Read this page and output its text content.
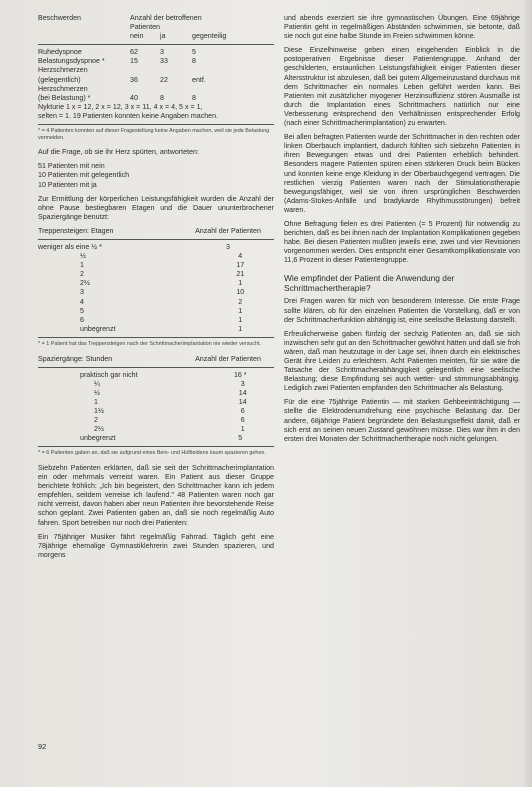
Beschwerden	Anzahl der betroffenen
Patienten
nein	ja	gegenteilig
Ruhedyspnoe	62	3	5
Belastungsdyspnoe *	15	33	8
Herzschmerzen
(gelegentlich)	36	22	entf.
Herzschmerzen
(bei Belastung) *	40	8	8
Nykturie 1 x = 12, 2 x = 12, 3 x = 11, 4 x = 4, 5 x = 1,
selten = 1. 19 Patienten konnten keine Angaben machen.
* = 4 Patienten konnten auf dieser Fragestellung keine Angaben machen, weil sie jede Belastung vermeiden.

Auf die Frage, ob sie ihr Herz spürten, antworteten:

51 Patienten mit nein
10 Patienten mit gelegentlich
10 Patienten mit ja

Zur Ermittlung der körperlichen Leistungsfähigkeit wurden die Anzahl der ohne Pause bestiegbaren Etagen und die Dauer ununterbrochener Spaziergänge benutzt:

Treppensteigen: Etagen	Anzahl der Patienten
weniger als eine ½ *	3
½	4
1	17
2	21
2½	1
3	10
4	2
5	1
6	1
unbegrenzt	1
* = 1 Patient hat das Treppensteigen nach der Schrittmacherimplantation nie wieder versucht.
Spaziergänge: Stunden	Anzahl der Patienten
praktisch gar nicht	16 *
¼	3
½	14
1	14
1½	6
2	6
2½	1
unbegrenzt	5
* = 6 Patienten gaben an, daß sie aufgrund eines Bein- und Hüftleidens kaum spazieren gehen.

Siebzehn Patienten erklärten, daß sie seit der Schrittmacherimplantation ein oder mehrmals verreist waren. Ein Patient aus dieser Gruppe berichtete fröhlich: „Ich bin begeistert, den Schrittmacher kann ich jedem empfehlen, seitdem verreise ich laufend." 48 Patienten waren noch gar nicht verreist, davon haben aber neun Patienten ihre bevorstehende Reise schon geplant. Zwei Patienten gaben an, daß sie noch regelmäßig Auto fahren. Sport betreiben nur noch drei Patienten:

Ein 75jähriger Musiker fährt regelmäßig Fahrrad. Täglich geht eine 78jährige ehemalige Gymnastiklehrerin zwei Stunden spazieren, und morgens

und abends exerziert sie ihre gymnastischen Übungen. Eine 69jährige Patientin geht in regelmäßigen Abständen schwimmen, sie betonte, daß sie noch gut eine halbe Stunde im Freien schwimmen könne.

Diese Einzelhinweise geben einen eingehenden Einblick in die postoperativen Ergebnisse dieser Patientengruppe. Anhand der geschilderten, erstaunlichen Leistungsfähigkeit einiger Patienten dieser Altersstruktur ist abzulesen, daß bei gutem Allgemeinzustand durchaus mit dem Schrittmacher ein normales Leben geführt werden kann. Bei Patienten mit zusätzlicher myogener Herzinsuffizienz stören Ausmaße ist durch die Implantation eines Schrittmachers natürlich nur eine Verbesserung entsprechend den Verhältnissen entsprechender Erfolg (nach einer Schrittmacherimplantation) zu erwarten.

Bei allen befragten Patienten wurde der Schrittmacher in den rechten oder linken Oberbauch implantiert, dadurch fühlten sich siebzehn Patienten in ihren Bewegungen etwas und drei Patienten erheblich behindert. Besonders magere Patienten spüren einen stärkeren Druck beim Bücken und konnten keine enge Kleidung in der Oberbauchgegend vertragen. Die restlichen vierzig Patienten waren nach der Stimulationstherapie bewegungsfähiger, weil sie von ihren ursprünglichen Beschwerden (Adams-Stokes-Anfälle und bradykarde Rhythmusstörungen) befreit waren.

Ohne Befragung fielen es drei Patienten (= 5 Prozent) für notwendig zu berichten, daß es bei ihnen nach der Implantation Komplikationen gegeben habe. Bei diesen Patienten mußten jeweils eine, zwei und vier Revisionen vorgenommen werden. Dies entspricht einer Gesamtkomplikationsrate von 11,6 Prozent in dieser Patientengruppe.

Wie empfindet der Patient die Anwendung der Schrittmachertherapie?

Drei Fragen waren für mich von besonderem Interesse. Die erste Frage sollte klären, ob für den einzelnen Patienten die Vorstellung, daß er von der Schrittmacherfunktion abhängig ist, eine seelische Belastung darstellt.

Erfreulicherweise gaben fünfzig der sechzig Patienten an, daß sie sich inzwischen sehr gut an den Schrittmacher gewöhnt hätten und daß sie froh wären, daß man heutzutage in der Lage sei, ihnen durch ein elektrisches Gerät ihre Leiden zu erleichtern. Acht Patienten meinten, für sie wäre die Tatsache der Schrittmacherabhängigkeit gelegentlich eine seelische Belastung; diese Empfindung sei auch wetter- und stimmungsabhängig. Lediglich zwei Patienten empfanden den Schrittmacher als Belastung.

Für die eine 75jährige Patientin — mit starken Gehbeeinträchtigung — stellte die Elektrodenumdrehung eine psychische Belastung dar. Der andere, 68jährige Patient begründete den Belastungseffekt damit, daß er sich erst an seinen neuen Zustand gewöhnen müsse. Dies war ihm in den ersten drei Monaten der Schrittmachertherapie noch nicht gelungen.

92
